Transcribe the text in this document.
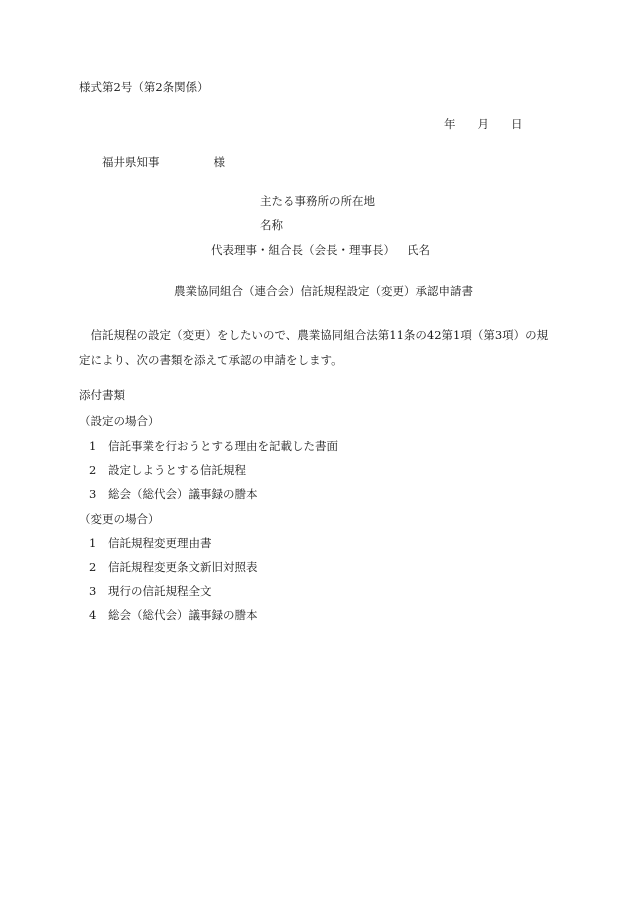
様式第2号（第2条関係）
年 月 日
福井県知事	様
主たる事務所の所在地
名称
代表理事・組合長（会長・理事長） 氏名
農業協同組合（連合会）信託規程設定（変更）承認申請書
信託規程の設定（変更）をしたいので、農業協同組合法第11条の42第1項（第3項）の規定により、次の書類を添えて承認の申請をします。
添付書類
（設定の場合）
1 信託事業を行おうとする理由を記載した書面
2 設定しようとする信託規程
3 総会（総代会）議事録の謄本
（変更の場合）
1 信託規程変更理由書
2 信託規程変更条文新旧対照表
3 現行の信託規程全文
4 総会（総代会）議事録の謄本
